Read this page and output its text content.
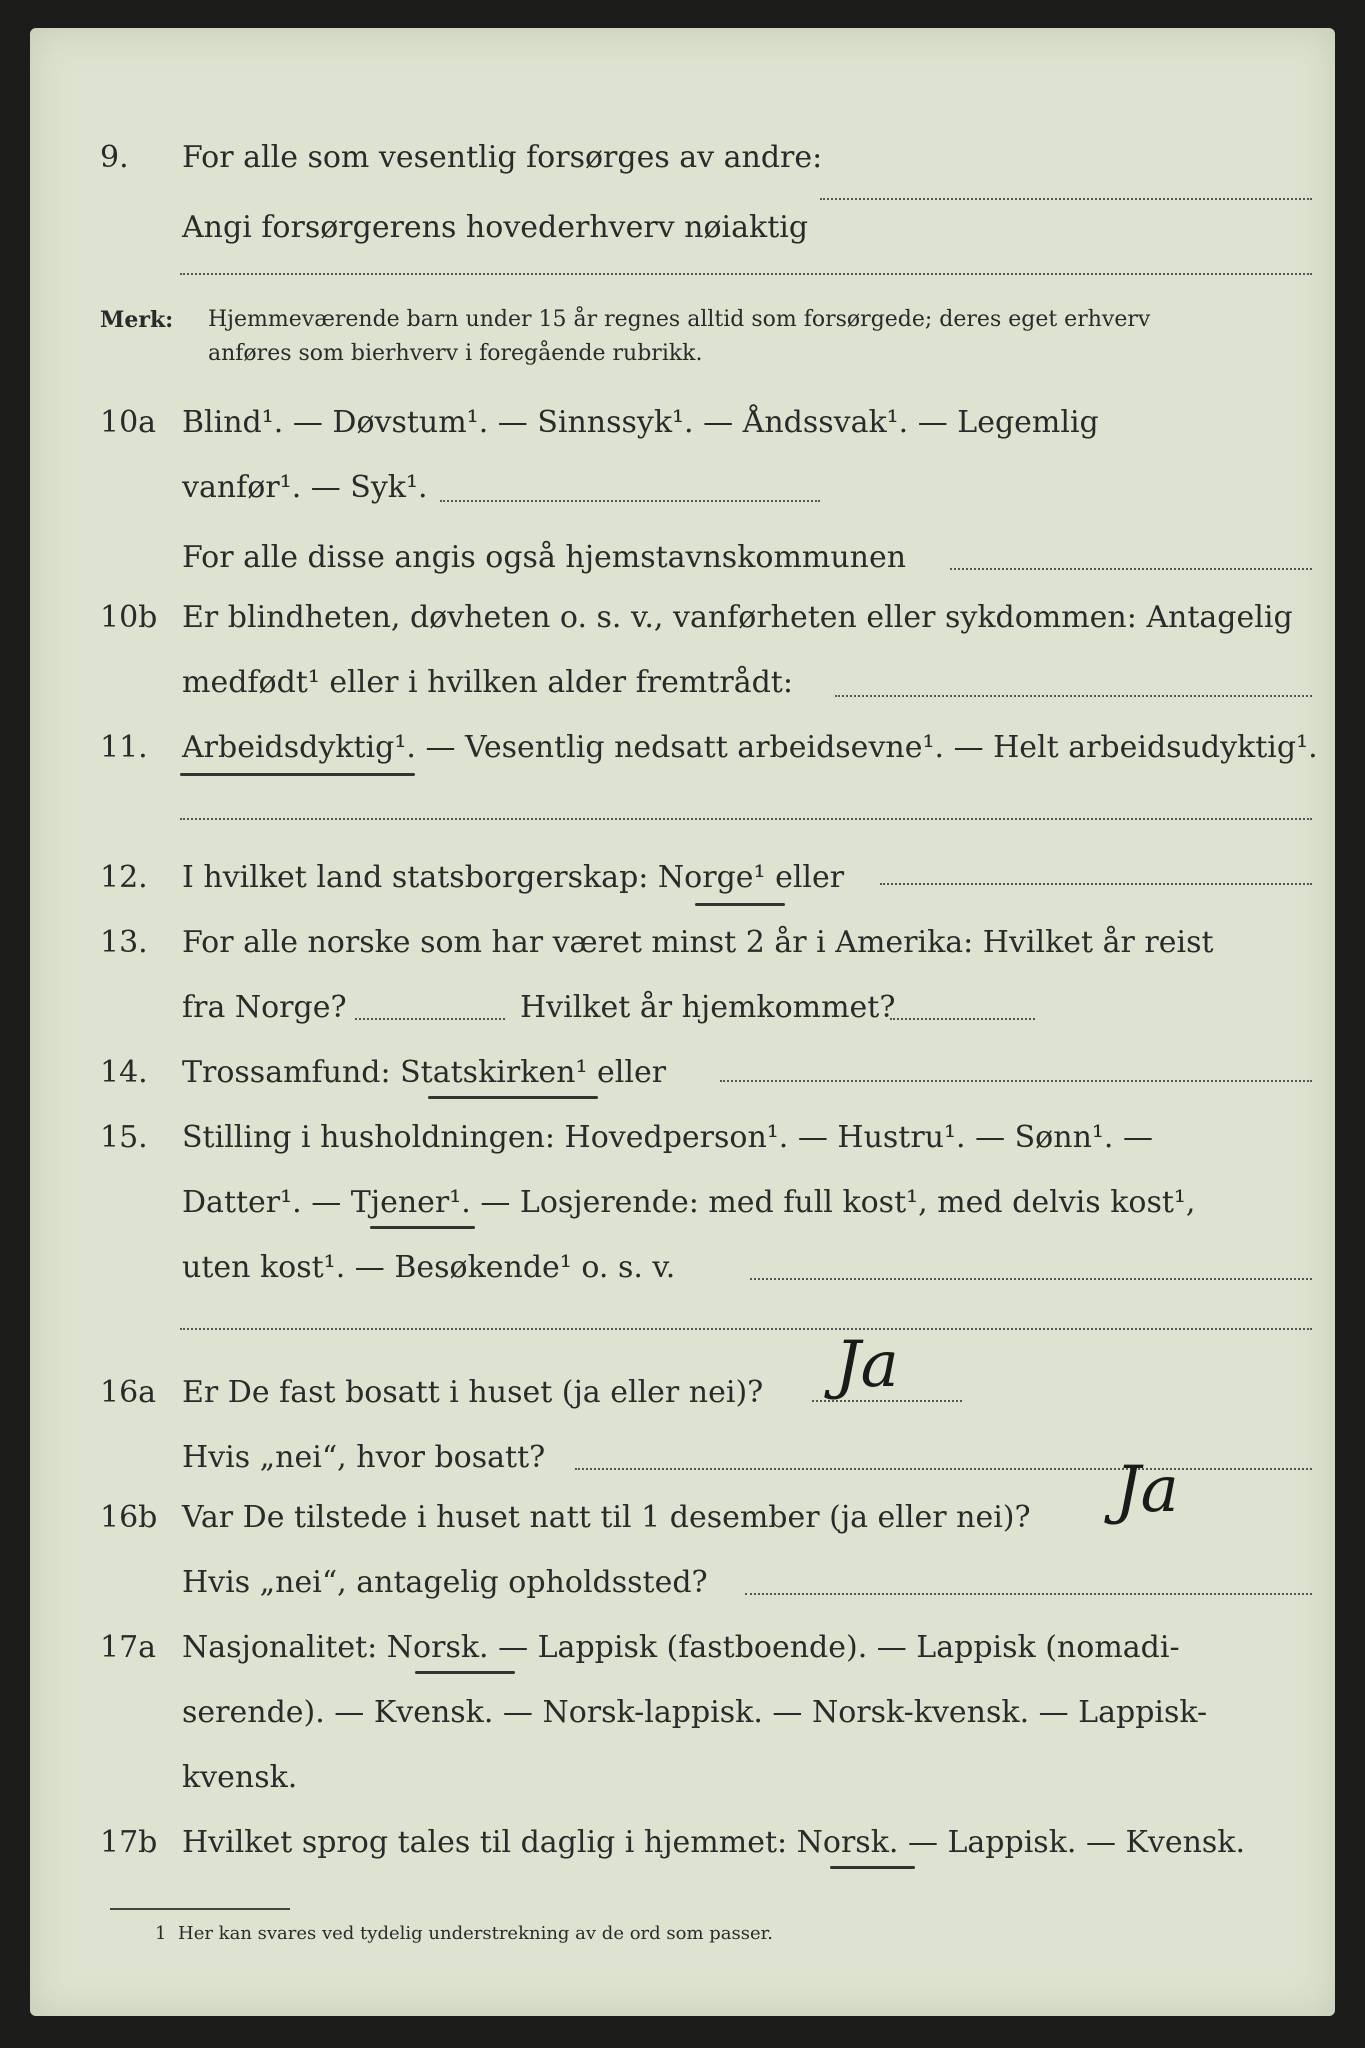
9.	For alle som vesentlig forsørges av andre:
Angi forsørgerens hovederhverv nøiaktig
Merk: Hjemmeværende barn under 15 år regnes alltid som forsørgede; deres eget erhverv
anføres som bierhverv i foregående rubrikk.
10a Blind¹. — Døvstum¹. — Sinnssyk¹. — Åndssvak¹. — Legemlig
vanfør¹. — Syk¹.
For alle disse angis også hjemstavnskommunen
10b Er blindheten, døvheten o. s. v., vanførheten eller sykdommen: Antagelig
medfødt¹ eller i hvilken alder fremtrådt:
11.	Arbeidsdyktig¹. — Vesentlig nedsatt arbeidsevne¹. — Helt arbeidsudyktig¹.
12.	I hvilket land statsborgerskap: Norge¹ eller
13.	For alle norske som har været minst 2 år i Amerika: Hvilket år reist
fra Norge?	Hvilket år hjemkommet?
14.	Trossamfund: Statskirken¹ eller
15.	Stilling i husholdningen: Hovedperson¹. — Hustru¹. — Sønn¹. —
Datter¹. — Tjener¹. — Losjerende: med full kost¹, med delvis kost¹,
uten kost¹. — Besøkende¹ o. s. v.
16a Er De fast bosatt i huset (ja eller nei)? Ja
Hvis „nei“, hvor bosatt?
16b Var De tilstede i huset natt til 1 desember (ja eller nei)? Ja
Hvis „nei“, antagelig opholdssted?
17a Nasjonalitet: Norsk. — Lappisk (fastboende). — Lappisk (nomadi-
serende). — Kvensk. — Norsk-lappisk. — Norsk-kvensk. — Lappisk-
kvensk.
17b Hvilket sprog tales til daglig i hjemmet: Norsk. — Lappisk. — Kvensk.
1 Her kan svares ved tydelig understrekning av de ord som passer.
